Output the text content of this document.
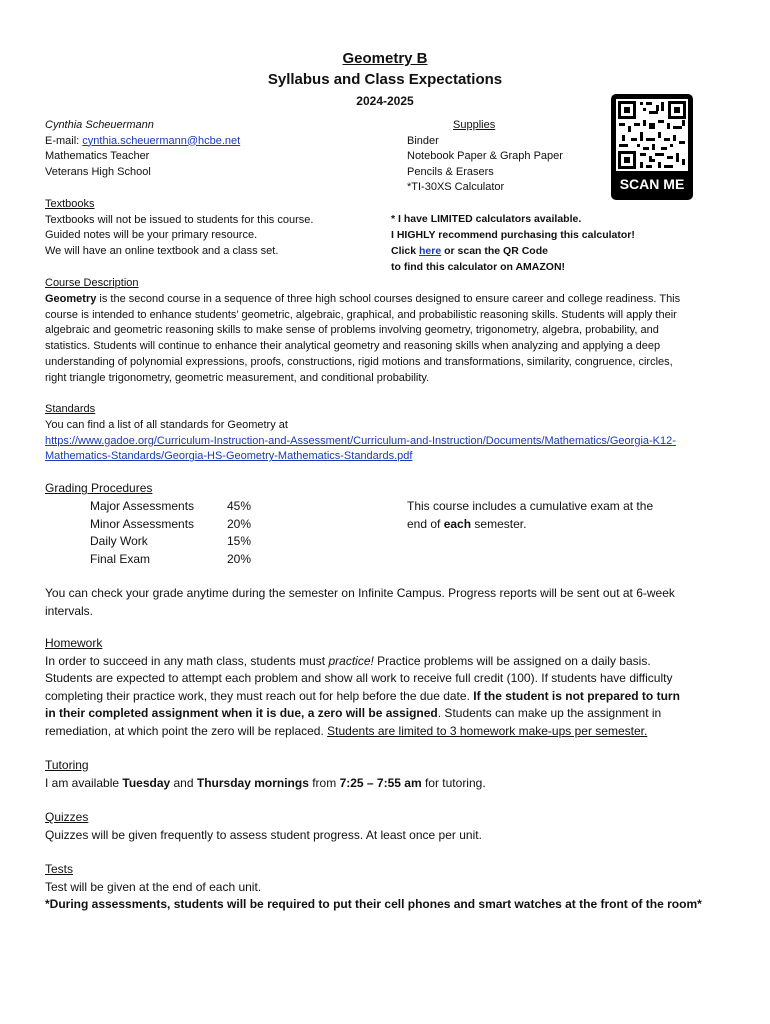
Geometry B
Syllabus and Class Expectations
2024-2025
Cynthia Scheuermann
E-mail: cynthia.scheuermann@hcbe.net
Mathematics Teacher
Veterans High School
Supplies
Binder
Notebook Paper & Graph Paper
Pencils & Erasers
*TI-30XS Calculator	SCAN ME
Textbooks
Textbooks will not be issued to students for this course.
Guided notes will be your primary resource.
We will have an online textbook and a class set.
* I have LIMITED calculators available.
I HIGHLY recommend purchasing this calculator!
Click here or scan the QR Code
to find this calculator on AMAZON!
Course Description
Geometry is the second course in a sequence of three high school courses designed to ensure career and college readiness. This
course is intended to enhance students’ geometric, algebraic, graphical, and probabilistic reasoning skills. Students will apply their
algebraic and geometric reasoning skills to make sense of problems involving geometry, trigonometry, algebra, probability, and
statistics. Students will continue to enhance their analytical geometry and reasoning skills when analyzing and applying a deep
understanding of polynomial expressions, proofs, constructions, rigid motions and transformations, similarity, congruence, circles,
right triangle trigonometry, geometric measurement, and conditional probability.
Standards
You can find a list of all standards for Geometry at
https://www.gadoe.org/Curriculum-Instruction-and-Assessment/Curriculum-and-Instruction/Documents/Mathematics/Georgia-K12-
Mathematics-Standards/Georgia-HS-Geometry-Mathematics-Standards.pdf
Grading Procedures
Major Assessments	45%
Minor Assessments	20%
Daily Work	15%
Final Exam	20%
This course includes a cumulative exam at the
end of each semester.
You can check your grade anytime during the semester on Infinite Campus. Progress reports will be sent out at 6-week
intervals.
Homework
In order to succeed in any math class, students must practice! Practice problems will be assigned on a daily basis.
Students are expected to attempt each problem and show all work to receive full credit (100). If students have difficulty
completing their practice work, they must reach out for help before the due date. If the student is not prepared to turn
in their completed assignment when it is due, a zero will be assigned. Students can make up the assignment in
remediation, at which point the zero will be replaced. Students are limited to 3 homework make-ups per semester.
Tutoring
I am available Tuesday and Thursday mornings from 7:25 – 7:55 am for tutoring.
Quizzes
Quizzes will be given frequently to assess student progress. At least once per unit.
Tests
Test will be given at the end of each unit.
*During assessments, students will be required to put their cell phones and smart watches at the front of the room*
